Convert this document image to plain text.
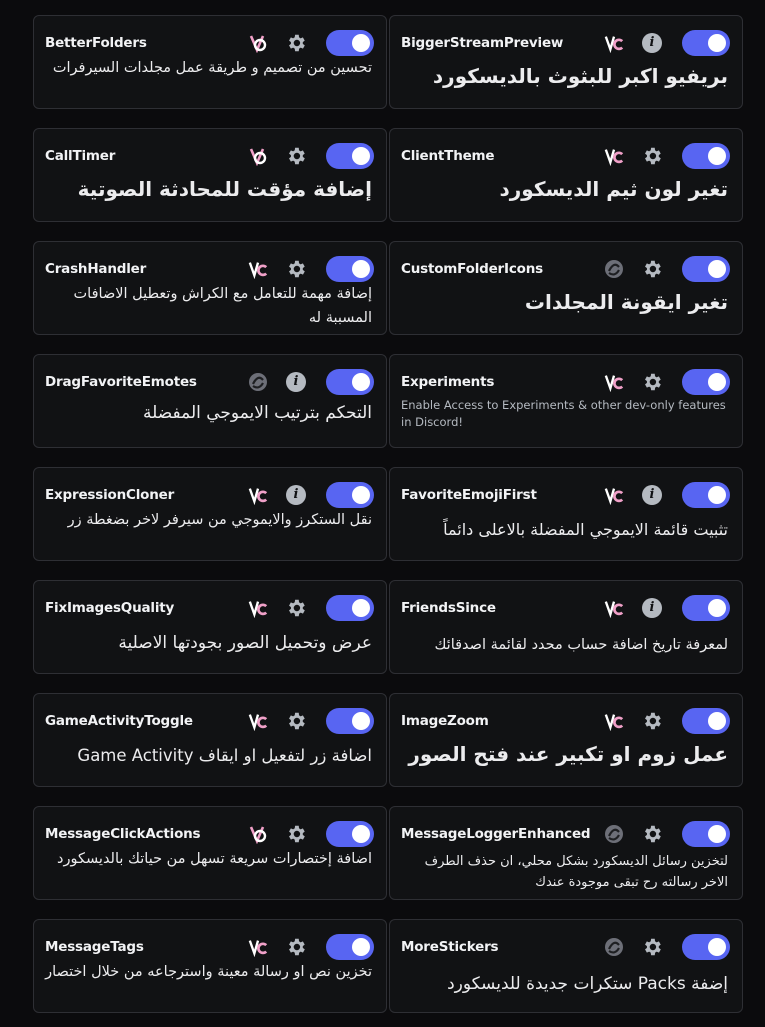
BetterFolders
تحسين من تصميم و طريقة عمل مجلدات السيرفرات
BiggerStreamPreview	i
بريفيو اكبر للبثوث بالديسكورد
CallTimer
إضافة مؤقت للمحادثة الصوتية
ClientTheme
تغير لون ثيم الديسكورد
CrashHandler
إضافة مهمة للتعامل مع الكراش وتعطيل الاضافات المسببة له
CustomFolderIcons
تغير ايقونة المجلدات
DragFavoriteEmotes	i
التحكم بترتيب الايموجي المفضلة
Experiments
Enable Access to Experiments & other dev-only features in Discord!
ExpressionCloner	i
نقل الستكرز والايموجي من سيرفر لاخر بضغطة زر
FavoriteEmojiFirst	i
تثبيت قائمة الايموجي المفضلة بالاعلى دائماً
FixImagesQuality
عرض وتحميل الصور بجودتها الاصلية
FriendsSince	i
لمعرفة تاريخ اضافة حساب محدد لقائمة اصدقائك
GameActivityToggle
اضافة زر لتفعيل او ايقاف Game Activity
ImageZoom
عمل زوم او تكبير عند فتح الصور
MessageClickActions
اضافة إختصارات سريعة تسهل من حياتك بالديسكورد
MessageLoggerEnhanced
لتخزين رسائل الديسكورد بشكل محلي، ان حذف الطرف الاخر رسالته رح تبقى موجودة عندك
MessageTags
تخزين نص او رسالة معينة واسترجاعه من خلال اختصار
MoreStickers
إضفة Packs ستكرات جديدة للديسكورد
